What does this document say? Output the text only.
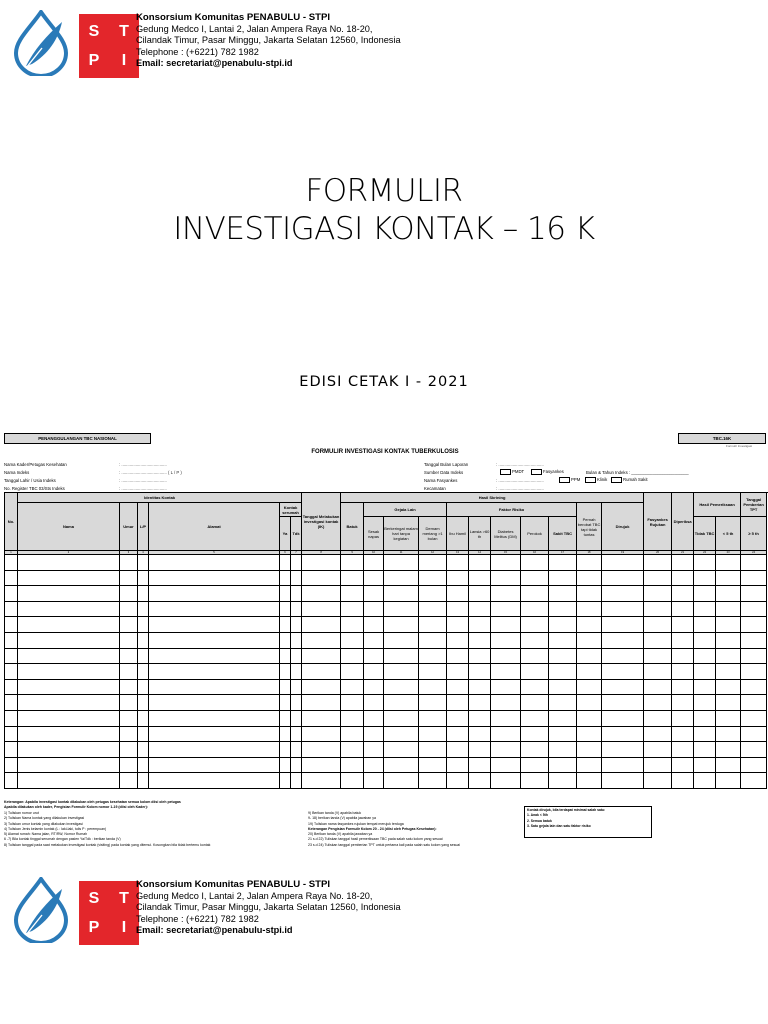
S	T
P	I
Konsorsium Komunitas PENABULU - STPI
Gedung Medco I, Lantai 2, Jalan Ampera Raya No. 18-20,
Cilandak Timur, Pasar Minggu, Jakarta Selatan 12560, Indonesia
Telephone : (+6221) 782 1982
Email: secretariat@penabulu-stpi.id
FORMULIR
INVESTIGASI KONTAK – 16 K
EDISI CETAK I - 2021
PENANGGULANGAN TBC NASIONAL	TBC.16K
Formulir Investigasi
FORMULIR INVESTIGASI KONTAK TUBERKULOSIS
Nama Kader/Petugas Kesehatan	: ......................................
Nama Indeks	: ...................................... ( L / P )
Tanggal Lahir / Usia Indeks	: ......................................
No. Register TBC 03/Sts Indeks	: ......................................
Tanggal Bulan Laporan	: ......................................
Sumber Data Indeks	PMDT	Fasyankes	Bulan & Tahun Indeks : ________________________
Nama Fasyankes	: ......................................	PPM	Klinik	Rumah Sakit
Kecamatan	: ......................................
No.	Identitas Kontak						Tanggal Melakukan investigasi kontak (IK)	Hasil Skrining											Fasyankes Rujukan	Diperiksa	Hasil Pemeriksaan		Tanggal Pemberian TPT
	Nama	Umur	L/P	Alamat	Kontak serumah			Batuk	Gejala Lain			Faktor Risiko					Pernah berobat TBC tapi tidak tuntas	Dirujuk					
					Ya	Tdk			Sesak napas	Berkeringat malam hari tanpa kegiatan	Demam meriang >1 bulan	Ibu Hamil	Lansia >60 th	Diabetes Melitus (DM)	Perokok	Sakit TBC					Tidak TBC	< 5 th	≥ 5 th
1	2	3	4	5	6	7	8	9	10	11	12	13	14	15	16	17	18	19	20	21	22	23	24

Keterangan: Apabila investigasi kontak dilakukan oleh petugas kesehatan semua kolom diisi oleh petugas
Apabila dilakukan oleh kader, Pengisian Formulir Kolom nomor 1-19 (diisi oleh Kader):
1) Tuliskan nomor urut
2) Tuliskan Nama kontak yang dilakukan investigasi
3) Tuliskan umur kontak yang dilakukan investigasi
4) Tuliskan Jenis kelamin kontak (L : laki-laki, tulis P : perempuan)
5) Alamat rumah: Nama jalan, RT/RW, Nomor Rumah
6 -7) Bila kontak tinggal serumah dengan pasien Ya/Tdk : berikan tanda (V)
8) Tuliskan tanggal pada saat melakukan investigasi kontak (visiting) pada kontak yang ditemui. Kosongkan bila tidak bertemu kontak
9) Berikan tanda (V) apabila batuk
9- 18) berikan tanda (V) apabila jawaban ya
19) Tuliskan nama fasyankes rujukan tempat merujuk terduga
Keterangan Pengisian Formulir Kolom 20 - 24 (diisi oleh Petugas Kesehatan):
20) Berikan tanda (V) apabila jawaban ya
21 s.d 22) Tuliskan tanggal hasil pemeriksaan TBC pada salah satu kolom yang sesuai
23 s.d 24) Tuliskan tanggal pemberian TPT untuk pertama kali pada salah satu kolom yang sesuai
Kontak dirujuk, bila terdapat minimal salah satu:
1. Anak < 5th
2. Semua batuk
3. Satu gejala lain dan satu faktor risiko
S	T
P	I
Konsorsium Komunitas PENABULU - STPI
Gedung Medco I, Lantai 2, Jalan Ampera Raya No. 18-20,
Cilandak Timur, Pasar Minggu, Jakarta Selatan 12560, Indonesia
Telephone : (+6221) 782 1982
Email: secretariat@penabulu-stpi.id
